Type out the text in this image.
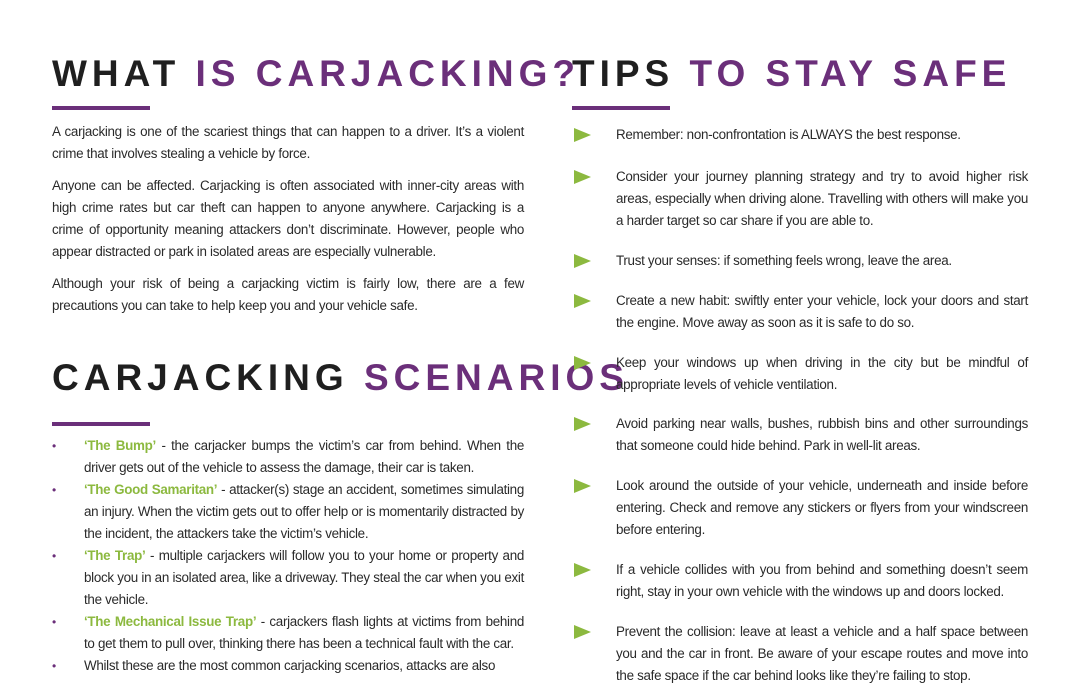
WHAT IS CARJACKING?

A carjacking is one of the scariest things that can happen to a driver. It’s a violent crime that involves stealing a vehicle by force.

Anyone can be affected. Carjacking is often associated with inner-city areas with high crime rates but car theft can happen to anyone anywhere. Carjacking is a crime of opportunity meaning attackers don’t discriminate. However, people who appear distracted or park in isolated areas are especially vulnerable.

Although your risk of being a carjacking victim is fairly low, there are a few precautions you can take to help keep you and your vehicle safe.

CARJACKING SCENARIOS
• ‘The Bump’ - the carjacker bumps the victim’s car from behind. When the driver gets out of the vehicle to assess the damage, their car is taken.
• ‘The Good Samaritan’ - attacker(s) stage an accident, sometimes simulating an injury. When the victim gets out to offer help or is momentarily distracted by the incident, the attackers take the victim’s vehicle.
• ‘The Trap’ - multiple carjackers will follow you to your home or property and block you in an isolated area, like a driveway. They steal the car when you exit the vehicle.
• ‘The Mechanical Issue Trap’ - carjackers flash lights at victims from behind to get them to pull over, thinking there has been a technical fault with the car.
• Whilst these are the most common carjacking scenarios, attacks are also
TIPS TO STAY SAFE
Remember: non-confrontation is ALWAYS the best response.
Consider your journey planning strategy and try to avoid higher risk areas, especially when driving alone. Travelling with others will make you a harder target so car share if you are able to.
Trust your senses: if something feels wrong, leave the area.
Create a new habit: swiftly enter your vehicle, lock your doors and start the engine. Move away as soon as it is safe to do so.
Keep your windows up when driving in the city but be mindful of appropriate levels of vehicle ventilation.
Avoid parking near walls, bushes, rubbish bins and other surroundings that someone could hide behind. Park in well-lit areas.
Look around the outside of your vehicle, underneath and inside before entering. Check and remove any stickers or flyers from your windscreen before entering.
If a vehicle collides with you from behind and something doesn’t seem right, stay in your own vehicle with the windows up and doors locked.
Prevent the collision: leave at least a vehicle and a half space between you and the car in front. Be aware of your escape routes and move into the safe space if the car behind looks like they’re failing to stop.
